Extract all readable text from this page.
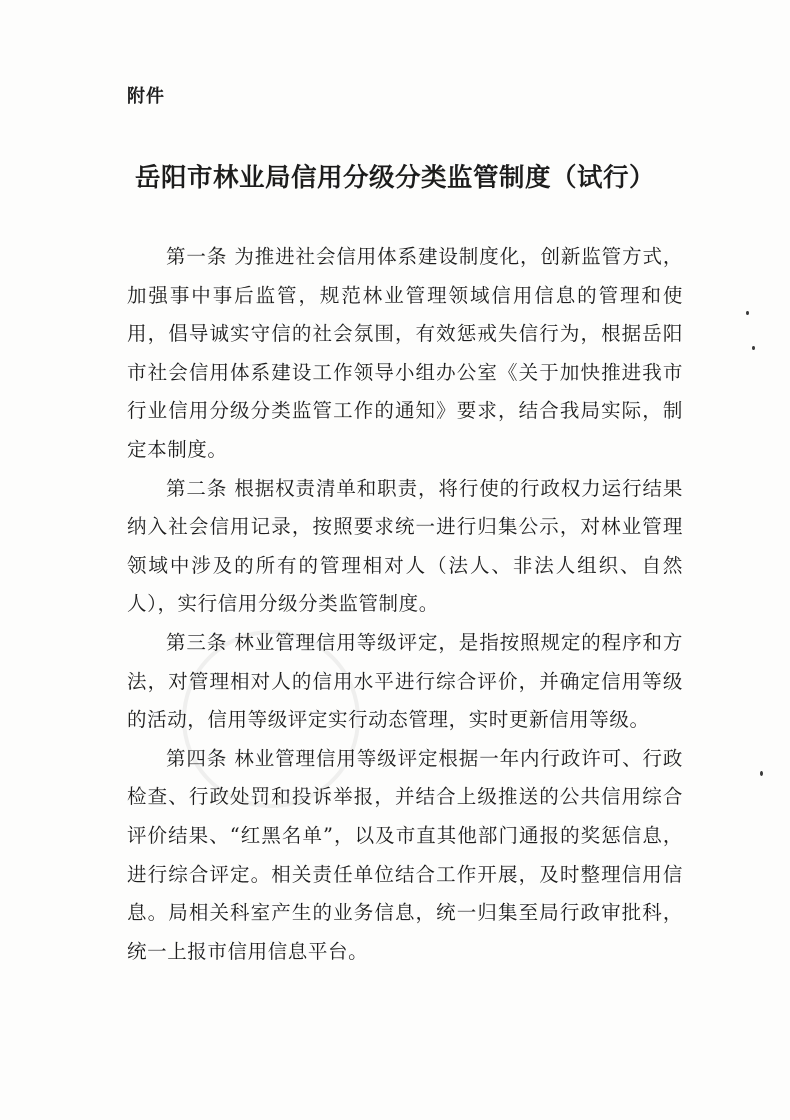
附件
岳阳市林业局信用分级分类监管制度（试行）

第一条 为推进社会信用体系建设制度化，创新监管方式，加强事中事后监管，规范林业管理领域信用信息的管理和使用，倡导诚实守信的社会氛围，有效惩戒失信行为，根据岳阳市社会信用体系建设工作领导小组办公室《关于加快推进我市行业信用分级分类监管工作的通知》要求，结合我局实际，制定本制度。

第二条 根据权责清单和职责，将行使的行政权力运行结果纳入社会信用记录，按照要求统一进行归集公示，对林业管理领域中涉及的所有的管理相对人（法人、非法人组织、自然人），实行信用分级分类监管制度。

第三条 林业管理信用等级评定，是指按照规定的程序和方法，对管理相对人的信用水平进行综合评价，并确定信用等级的活动，信用等级评定实行动态管理，实时更新信用等级。

第四条 林业管理信用等级评定根据一年内行政许可、行政检查、行政处罚和投诉举报，并结合上级推送的公共信用综合评价结果、“红黑名单”，以及市直其他部门通报的奖惩信息，进行综合评定。相关责任单位结合工作开展，及时整理信用信息。局相关科室产生的业务信息，统一归集至局行政审批科，统一上报市信用信息平台。
